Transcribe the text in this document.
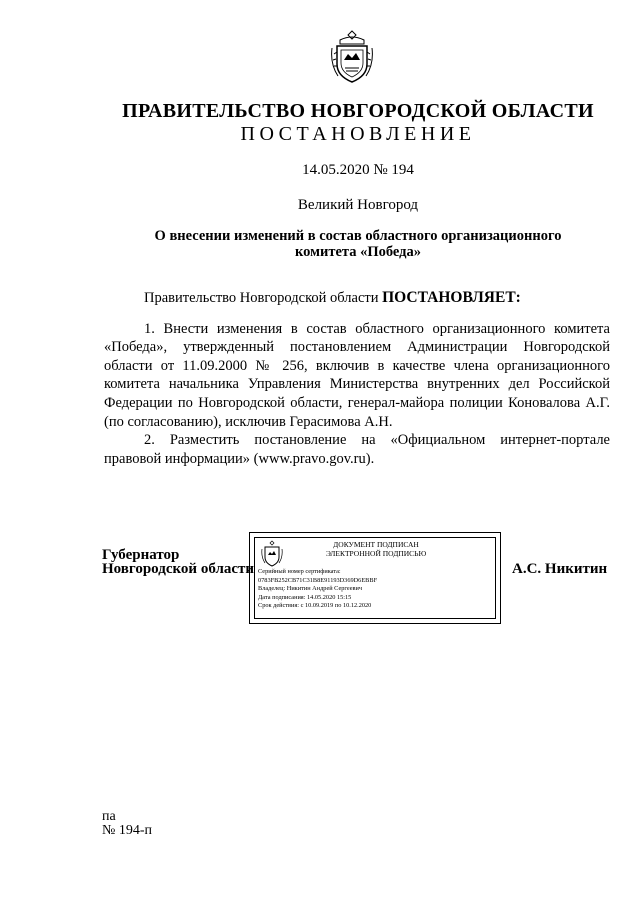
ПРАВИТЕЛЬСТВО НОВГОРОДСКОЙ ОБЛАСТИ
ПОСТАНОВЛЕНИЕ
14.05.2020 № 194
Великий Новгород
О внесении изменений в состав областного организационного комитета «Победа»

Правительство Новгородской области ПОСТАНОВЛЯЕТ:

1. Внести изменения в состав областного организационного комитета «Победа», утвержденный постановлением Администрации Новгородской области от 11.09.2000 № 256, включив в качестве члена организационного комитета начальника Управления Министерства внутренних дел Российской Федерации по Новгородской области, генерал-майора полиции Коновалова А.Г. (по согласованию), исключив Герасимова А.Н.

2. Разместить постановление на «Официальном интернет-портале правовой информации» (www.pravo.gov.ru).

Губернатор
Новгородской области
ДОКУМЕНТ ПОДПИСАН
ЭЛЕКТРОННОЙ ПОДПИСЬЮ
Серийный номер сертификата:
0783FB252CB71C31B8E91193D369D6EBBF
Владелец: Никитин Андрей Сергеевич
Дата подписания: 14.05.2020 15:15
Срок действия: с 10.09.2019 по 10.12.2020
А.С. Никитин
па
№ 194-п
